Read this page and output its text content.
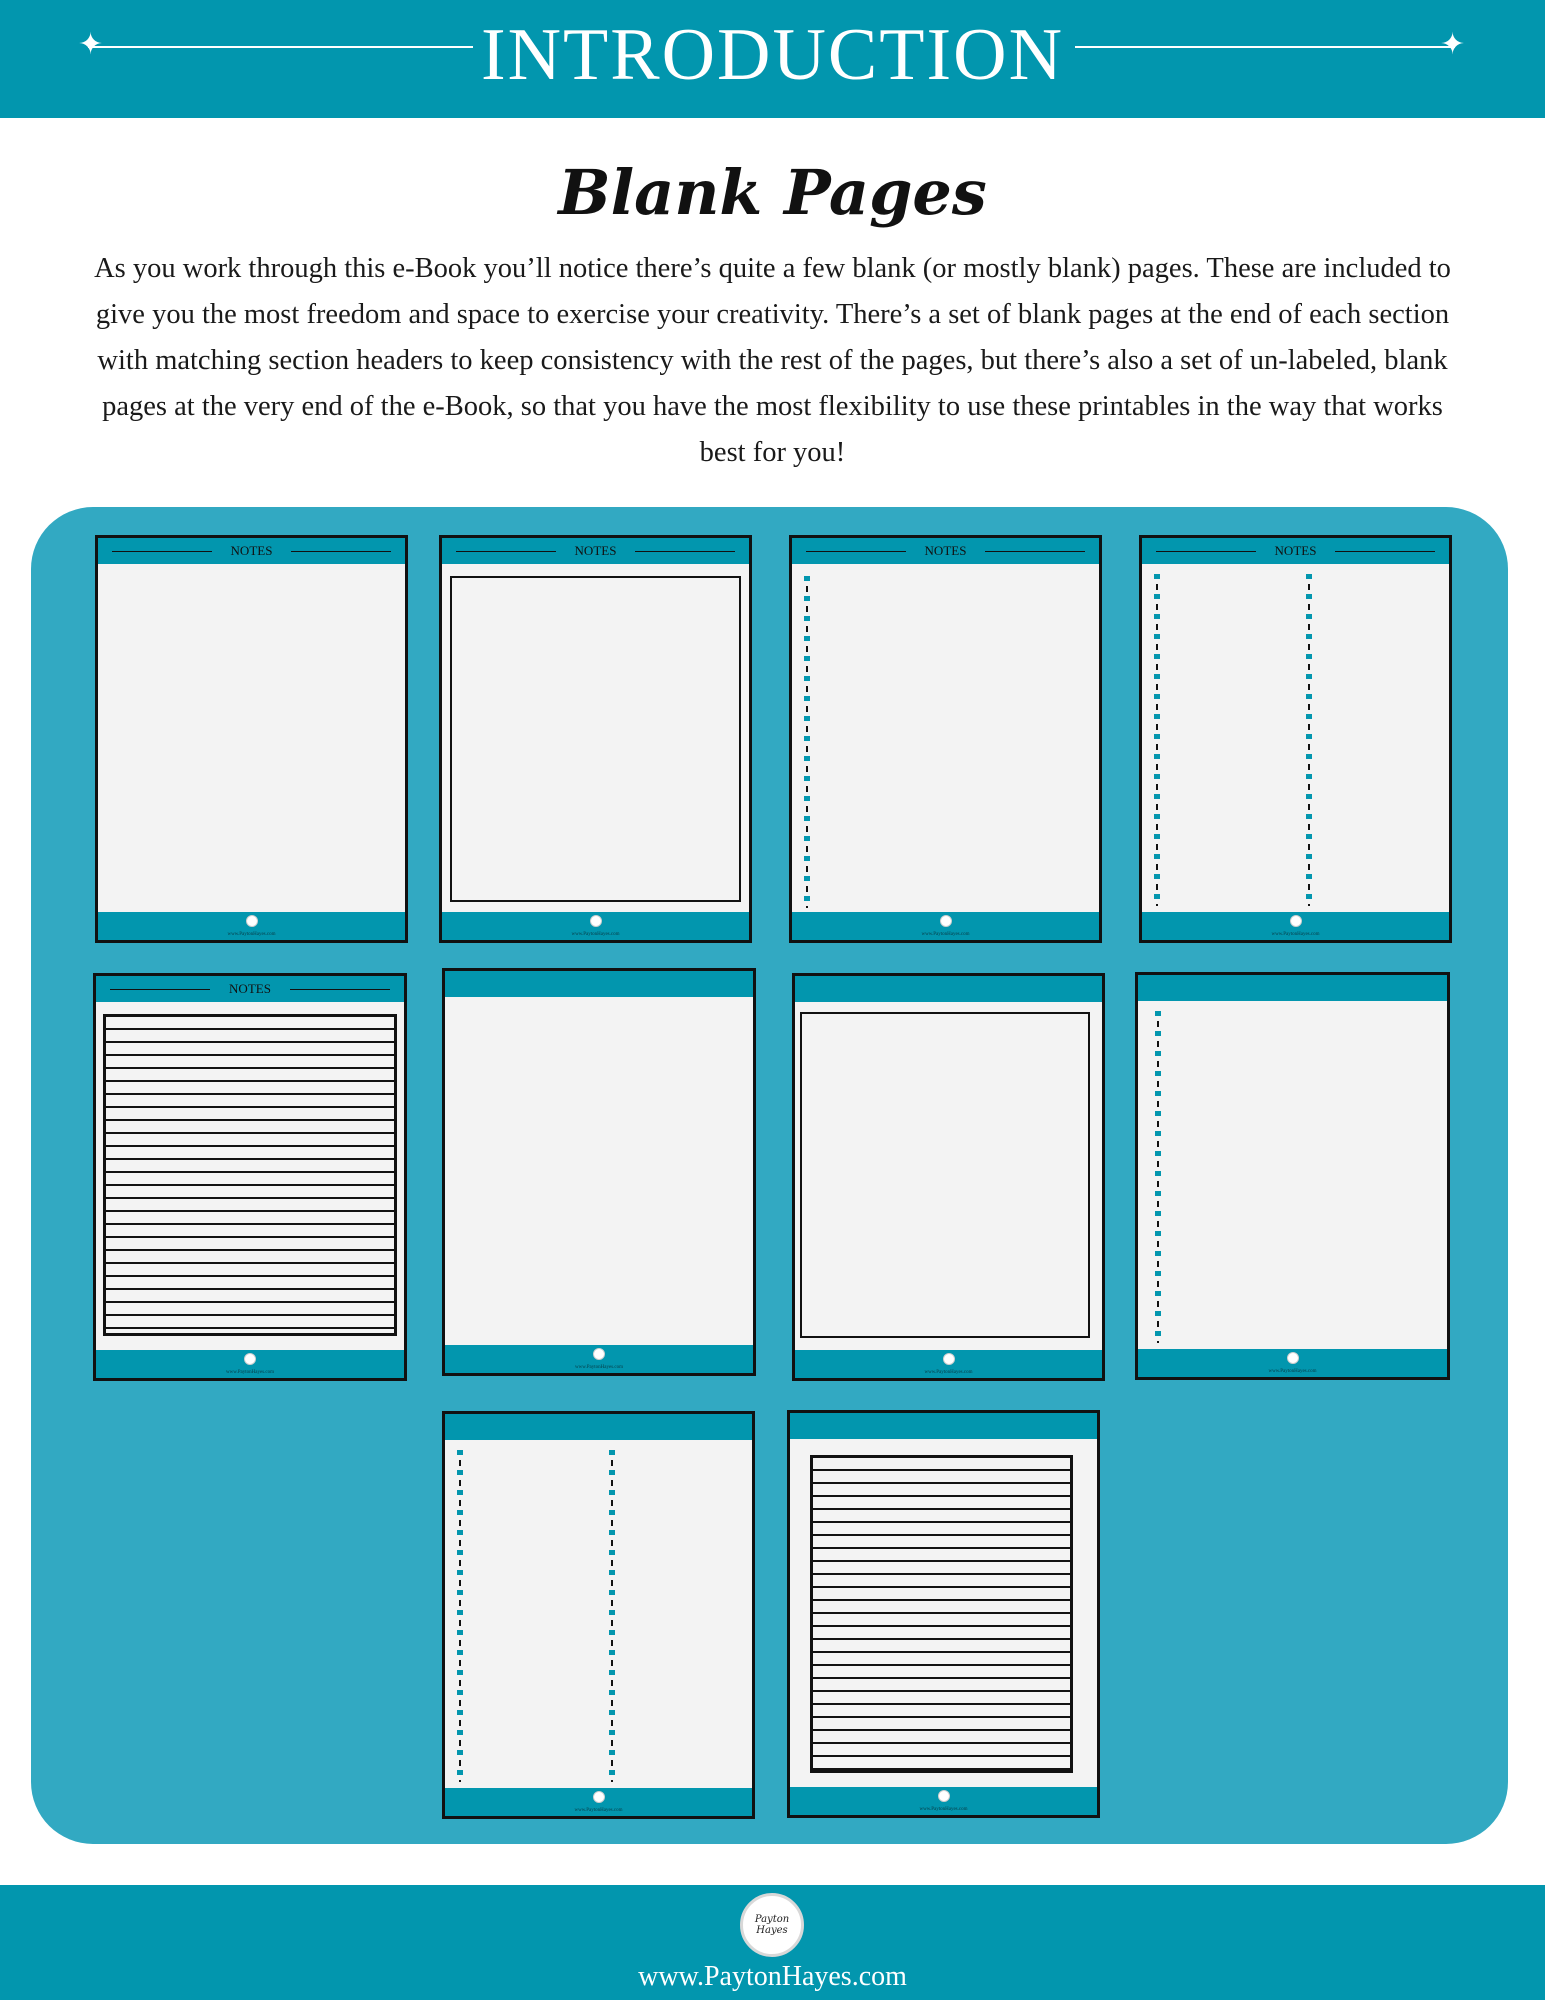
✦	✦
INTRODUCTION
Blank Pages
As you work through this e-Book you’ll notice there’s quite a few blank (or mostly blank) pages. These are included to give you the most freedom and space to exercise your creativity. There’s a set of blank pages at the end of each section with matching section headers to keep consistency with the rest of the pages, but there’s also a set of un-labeled, blank pages at the very end of the e-Book, so that you have the most flexibility to use these printables in the way that works best for you!
NOTES
www.PaytonHayes.com
NOTES
www.PaytonHayes.com
NOTES
www.PaytonHayes.com
NOTES
www.PaytonHayes.com
NOTES
www.PaytonHayes.com
www.PaytonHayes.com
www.PaytonHayes.com	www.PaytonHayes.com
www.PaytonHayes.com	www.PaytonHayes.com
Payton Hayes
www.PaytonHayes.com
